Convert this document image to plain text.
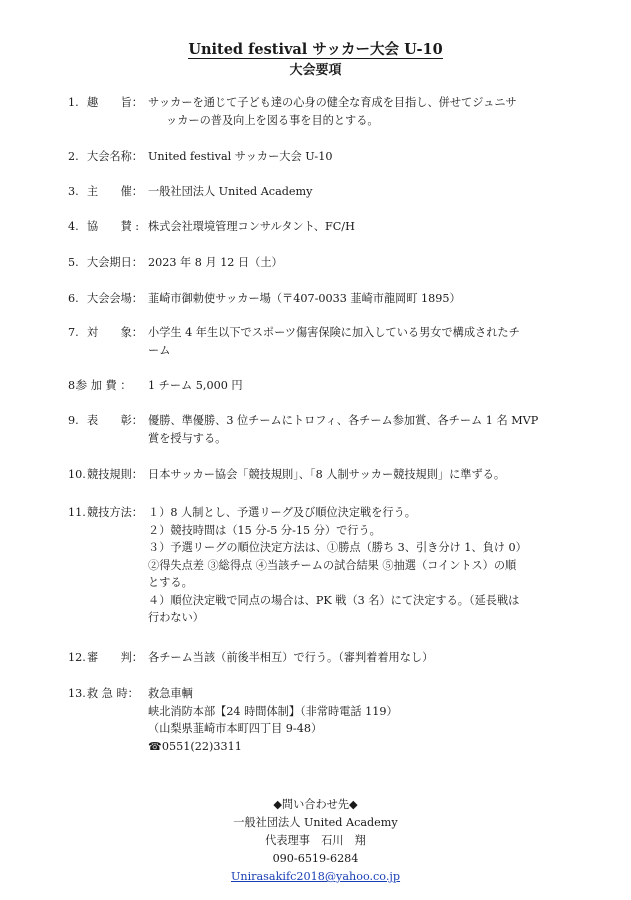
United festival サッカー大会 U-10
大会要項
1. 趣　　旨： サッカーを通じて子ども達の心身の健全な育成を目指し、併せてジュニサ
ッカーの普及向上を図る事を目的とする。
2. 大会名称： United festival サッカー大会 U-10
3. 主　　催： 一般社団法人 United Academy
4. 協　　賛 : 株式会社環境管理コンサルタント、FC/H
5. 大会期日： 2023 年 8 月 12 日（土）
6. 大会会場： 韮崎市御勅使サッカー場（〒407-0033 韮崎市龍岡町 1895）
7. 対　　象： 小学生 4 年生以下でスポーツ傷害保険に加入している男女で構成されたチ
ーム
8.
参 加 費 ： 1 チーム 5,000 円
9. 表　　彰： 優勝、準優勝、3 位チームにトロフィ、各チーム参加賞、各チーム 1 名 MVP
賞を授与する。
10. 競技規則： 日本サッカー協会「競技規則」、「8 人制サッカー競技規則」に準ずる。
11. 競技方法： １）8 人制とし、予選リーグ及び順位決定戦を行う。
２）競技時間は（15 分-5 分-15 分）で行う。
３）予選リーグの順位決定方法は、①勝点（勝ち 3、引き分け 1、負け 0）
②得失点差 ③総得点 ④当該チームの試合結果 ⑤抽選（コイントス）の順
とする。
４）順位決定戦で同点の場合は、PK 戦（3 名）にて決定する。（延長戦は
行わない）
12. 審　　判： 各チーム当該（前後半相互）で行う。（審判着着用なし）
13. 救 急 時： 救急車輌
峡北消防本部【24 時間体制】（非常時電話 119）
（山梨県韮崎市本町四丁目 9-48）
☎0551(22)3311
◆問い合わせ先◆
一般社団法人 United Academy
代表理事　石川　翔
090-6519-6284
Unirasakifc2018@yahoo.co.jp
